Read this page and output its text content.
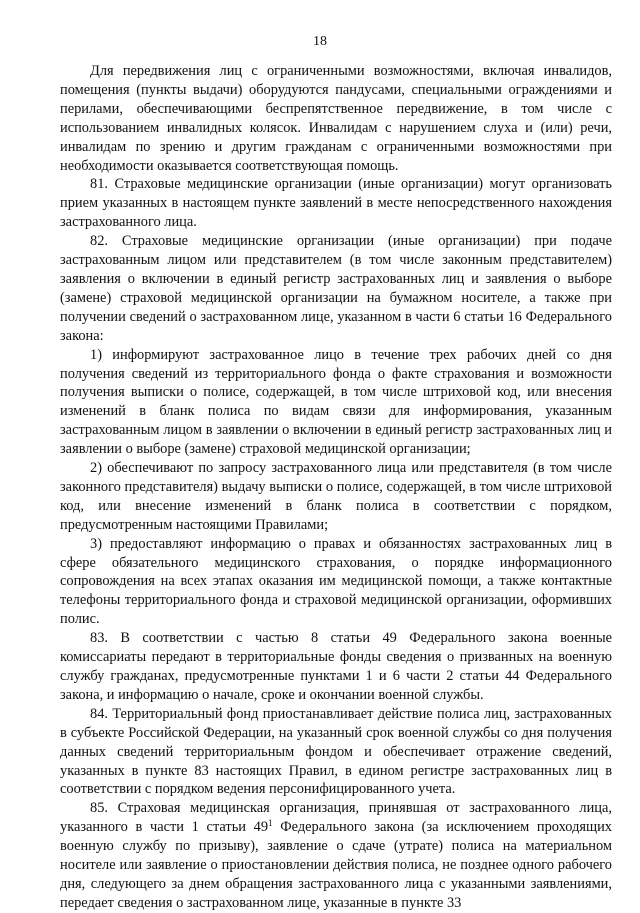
18

Для передвижения лиц с ограниченными возможностями, включая инвалидов, помещения (пункты выдачи) оборудуются пандусами, специальными ограждениями и перилами, обеспечивающими беспрепятственное передвижение, в том числе с использованием инвалидных колясок. Инвалидам с нарушением слуха и (или) речи, инвалидам по зрению и другим гражданам с ограниченными возможностями при необходимости оказывается соответствующая помощь.

81. Страховые медицинские организации (иные организации) могут организовать прием указанных в настоящем пункте заявлений в месте непосредственного нахождения застрахованного лица.

82. Страховые медицинские организации (иные организации) при подаче застрахованным лицом или представителем (в том числе законным представителем) заявления о включении в единый регистр застрахованных лиц и заявления о выборе (замене) страховой медицинской организации на бумажном носителе, а также при получении сведений о застрахованном лице, указанном в части 6 статьи 16 Федерального закона:

1) информируют застрахованное лицо в течение трех рабочих дней со дня получения сведений из территориального фонда о факте страхования и возможности получения выписки о полисе, содержащей, в том числе штриховой код, или внесения изменений в бланк полиса по видам связи для информирования, указанным застрахованным лицом в заявлении о включении в единый регистр застрахованных лиц и заявлении о выборе (замене) страховой медицинской организации;

2) обеспечивают по запросу застрахованного лица или представителя (в том числе законного представителя) выдачу выписки о полисе, содержащей, в том числе штриховой код, или внесение изменений в бланк полиса в соответствии с порядком, предусмотренным настоящими Правилами;

3) предоставляют информацию о правах и обязанностях застрахованных лиц в сфере обязательного медицинского страхования, о порядке информационного сопровождения на всех этапах оказания им медицинской помощи, а также контактные телефоны территориального фонда и страховой медицинской организации, оформивших полис.

83. В соответствии с частью 8 статьи 49 Федерального закона военные комиссариаты передают в территориальные фонды сведения о призванных на военную службу гражданах, предусмотренные пунктами 1 и 6 части 2 статьи 44 Федерального закона, и информацию о начале, сроке и окончании военной службы.

84. Территориальный фонд приостанавливает действие полиса лиц, застрахованных в субъекте Российской Федерации, на указанный срок военной службы со дня получения данных сведений территориальным фондом и обеспечивает отражение сведений, указанных в пункте 83 настоящих Правил, в едином регистре застрахованных лиц в соответствии с порядком ведения персонифицированного учета.

85. Страховая медицинская организация, принявшая от застрахованного лица, указанного в части 1 статьи $49^1$ Федерального закона (за исключением проходящих военную службу по призыву), заявление о сдаче (утрате) полиса на материальном носителе или заявление о приостановлении действия полиса, не позднее одного рабочего дня, следующего за днем обращения застрахованного лица с указанными заявлениями, передает сведения о застрахованном лице, указанные в пункте 33
